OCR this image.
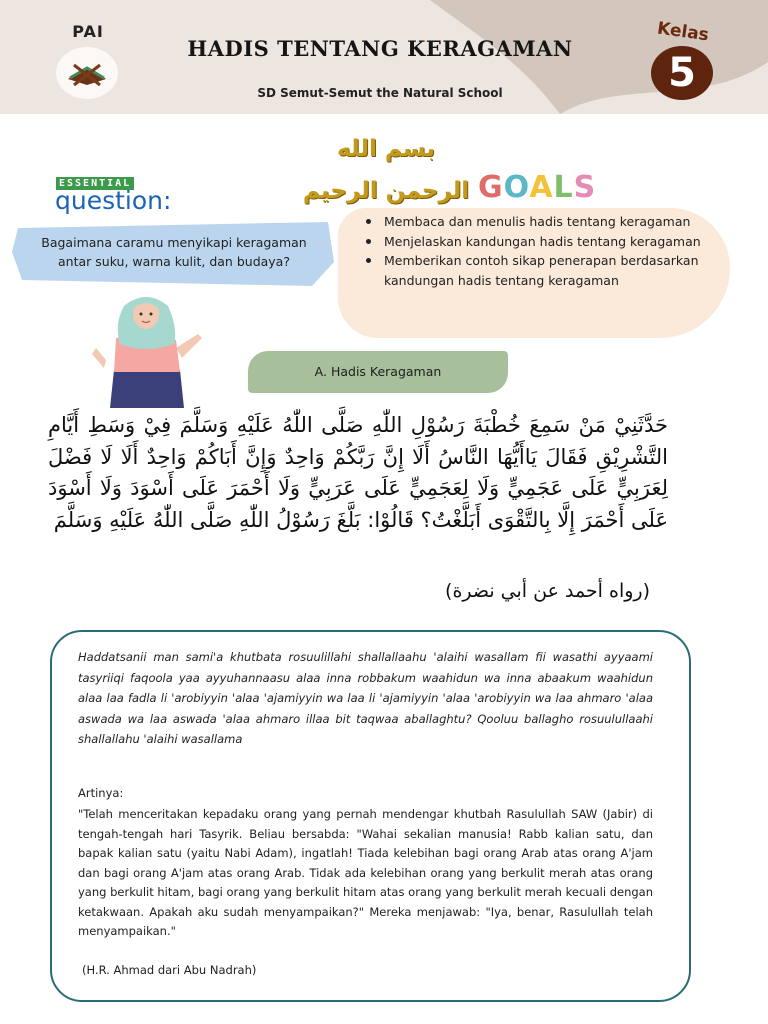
PAI
HADIS TENTANG KERAGAMAN
SD Semut-Semut the Natural School
Kelas
5
بسم الله الرحمن الرحيم
ESSENTIAL
question:
Bagaimana caramu menyikapi keragaman antar suku, warna kulit, dan budaya?
GOALS
Membaca dan menulis hadis tentang keragaman
Menjelaskan kandungan hadis tentang keragaman
Memberikan contoh sikap penerapan berdasarkan kandungan hadis tentang keragaman
A. Hadis Keragaman
حَدَّثَنِيْ مَنْ سَمِعَ خُطْبَةَ رَسُوْلِ اللّٰهِ صَلَّى اللّٰهُ عَلَيْهِ وَسَلَّمَ فِيْ وَسَطِ أَيَّامِ التَّشْرِيْقِ فَقَالَ يَاأَيُّهَا النَّاسُ أَلَا إِنَّ رَبَّكُمْ وَاحِدٌ وَإِنَّ أَبَاكُمْ وَاحِدٌ أَلَا لَا فَضْلَ لِعَرَبِيٍّ عَلَى عَجَمِيٍّ وَلَا لِعَجَمِيٍّ عَلَى عَرَبِيٍّ وَلَا أَحْمَرَ عَلَى أَسْوَدَ وَلَا أَسْوَدَ عَلَى أَحْمَرَ إِلَّا بِالتَّقْوَى أَبَلَّغْتُ؟ قَالُوْا: بَلَّغَ رَسُوْلُ اللّٰهِ صَلَّى اللّٰهُ عَلَيْهِ وَسَلَّمَ
(رواه أحمد عن أبي نضرة)

Haddatsanii man sami'a khutbata rosuulillahi shallallaahu 'alaihi wasallam fii wasathi ayyaami tasyriiqi faqoola yaa ayyuhannaasu alaa inna robbakum waahidun wa inna abaakum waahidun alaa laa fadla li 'arobiyyin 'alaa 'ajamiyyin wa laa li 'ajamiyyin 'alaa 'arobiyyin wa laa ahmaro 'alaa aswada wa laa aswada 'alaa ahmaro illaa bit taqwaa aballaghtu? Qooluu ballagho rosuulullaahi shallallahu 'alaihi wasallama

Artinya:

"Telah menceritakan kepadaku orang yang pernah mendengar khutbah Rasulullah SAW (Jabir) di tengah-tengah hari Tasyrik. Beliau bersabda: "Wahai sekalian manusia! Rabb kalian satu, dan bapak kalian satu (yaitu Nabi Adam), ingatlah! Tiada kelebihan bagi orang Arab atas orang A'jam dan bagi orang A'jam atas orang Arab. Tidak ada kelebihan orang yang berkulit merah atas orang yang berkulit hitam, bagi orang yang berkulit hitam atas orang yang berkulit merah kecuali dengan ketakwaan. Apakah aku sudah menyampaikan?" Mereka menjawab: "Iya, benar, Rasulullah telah menyampaikan."

(H.R. Ahmad dari Abu Nadrah)
